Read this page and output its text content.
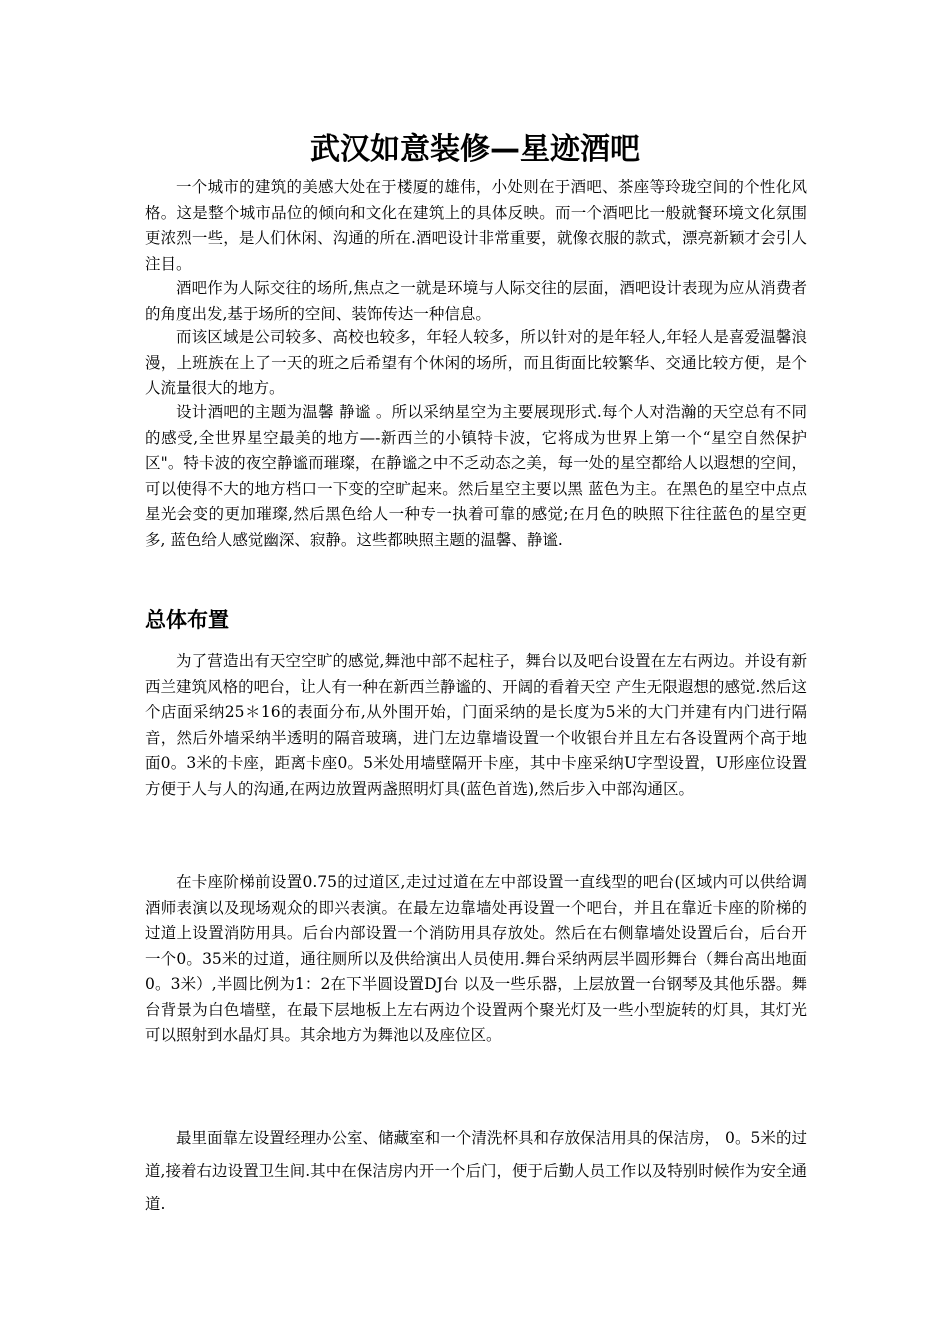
武汉如意装修—星迹酒吧

一个城市的建筑的美感大处在于楼厦的雄伟，小处则在于酒吧、茶座等玲珑空间的个性化风格。这是整个城市品位的倾向和文化在建筑上的具体反映。而一个酒吧比一般就餐环境文化氛围更浓烈一些，是人们休闲、沟通的所在.酒吧设计非常重要，就像衣服的款式，漂亮新颖才会引人注目。

酒吧作为人际交往的场所,焦点之一就是环境与人际交往的层面，酒吧设计表现为应从消费者的角度出发,基于场所的空间、装饰传达一种信息。

而该区域是公司较多、高校也较多，年轻人较多，所以针对的是年轻人,年轻人是喜爱温馨浪漫，上班族在上了一天的班之后希望有个休闲的场所，而且街面比较繁华、交通比较方便，是个人流量很大的地方。

设计酒吧的主题为温馨 静谧 。所以采纳星空为主要展现形式.每个人对浩瀚的天空总有不同的感受,全世界星空最美的地方—-新西兰的小镇特卡波，它将成为世界上第一个“星空自然保护区"。特卡波的夜空静谧而璀璨，在静谧之中不乏动态之美，每一处的星空都给人以遐想的空间，可以使得不大的地方档口一下变的空旷起来。然后星空主要以黑 蓝色为主。在黑色的星空中点点星光会变的更加璀璨,然后黑色给人一种专一执着可靠的感觉;在月色的映照下往往蓝色的星空更多, 蓝色给人感觉幽深、寂静。这些都映照主题的温馨、静谧.

总体布置

为了营造出有天空空旷的感觉,舞池中部不起柱子，舞台以及吧台设置在左右两边。并设有新西兰建筑风格的吧台，让人有一种在新西兰静谧的、开阔的看着天空 产生无限遐想的感觉.然后这个店面采纳25＊16的表面分布,从外围开始，门面采纳的是长度为5米的大门并建有内门进行隔音，然后外墙采纳半透明的隔音玻璃，进门左边靠墙设置一个收银台并且左右各设置两个高于地面0。3米的卡座，距离卡座0。5米处用墙壁隔开卡座，其中卡座采纳U字型设置，U形座位设置方便于人与人的沟通,在两边放置两盏照明灯具(蓝色首选),然后步入中部沟通区。

在卡座阶梯前设置0.75的过道区,走过过道在左中部设置一直线型的吧台(区域内可以供给调酒师表演以及现场观众的即兴表演。在最左边靠墙处再设置一个吧台，并且在靠近卡座的阶梯的过道上设置消防用具。后台内部设置一个消防用具存放处。然后在右侧靠墙处设置后台，后台开一个0。35米的过道，通往厕所以及供给演出人员使用.舞台采纳两层半圆形舞台（舞台高出地面0。3米）,半圆比例为1：2在下半圆设置DJ台 以及一些乐器，上层放置一台钢琴及其他乐器。舞台背景为白色墙壁，在最下层地板上左右两边个设置两个聚光灯及一些小型旋转的灯具，其灯光可以照射到水晶灯具。其余地方为舞池以及座位区。

最里面靠左设置经理办公室、储藏室和一个清洗杯具和存放保洁用具的保洁房， 0。5米的过道,接着右边设置卫生间.其中在保洁房内开一个后门，便于后勤人员工作以及特别时候作为安全通道.
